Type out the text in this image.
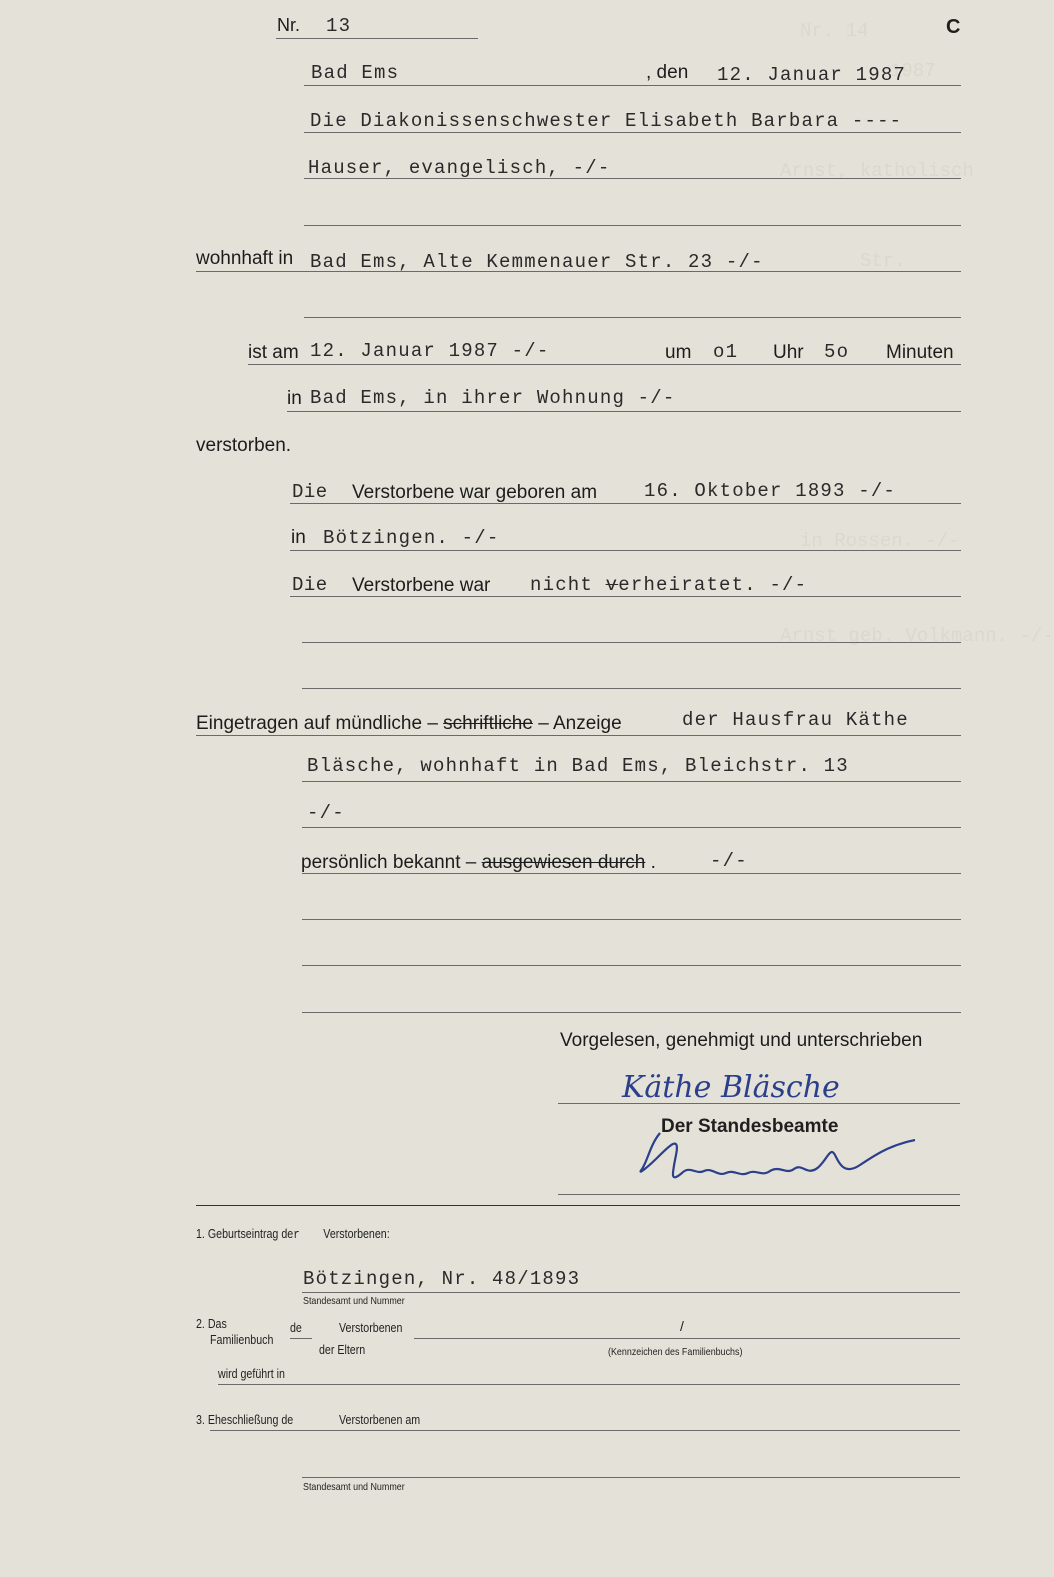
Nr. 14
1987
Arnst, katholisch
Str.
in Rossen. -/-
Arnst geb. Volkmann. -/-
Nr. 13	C
Bad Ems	, den 12. Januar 1987
Die Diakonissenschwester Elisabeth Barbara ----
Hauser, evangelisch, -/-
wohnhaft in Bad Ems, Alte Kemmenauer Str. 23 -/-
ist am 12. Januar 1987 -/-	um o1 Uhr 5o Minuten
in Bad Ems, in ihrer Wohnung -/-
verstorben.
Die Verstorbene war geboren am 16. Oktober 1893 -/-
in Bötzingen. -/-
Die Verstorbene war nicht verheiratet. -/-
Eingetragen auf mündliche – schriftliche – Anzeige	der Hausfrau Käthe
Bläsche, wohnhaft in Bad Ems, Bleichstr. 13
-/-
persönlich bekannt – ausgewiesen durch .	-/-
Vorgelesen, genehmigt und unterschrieben
Käthe Bläsche
Der Standesbeamte
Hennich
1. Geburtseintrag der Verstorbenen:
Bötzingen, Nr. 48/1893
Standesamt und Nummer
2. Das
Familienbuch
de	Verstorbenen	/
der Eltern	(Kennzeichen des Familienbuchs)
wird geführt in
3. Eheschließung de	Verstorbenen am
Standesamt und Nummer
